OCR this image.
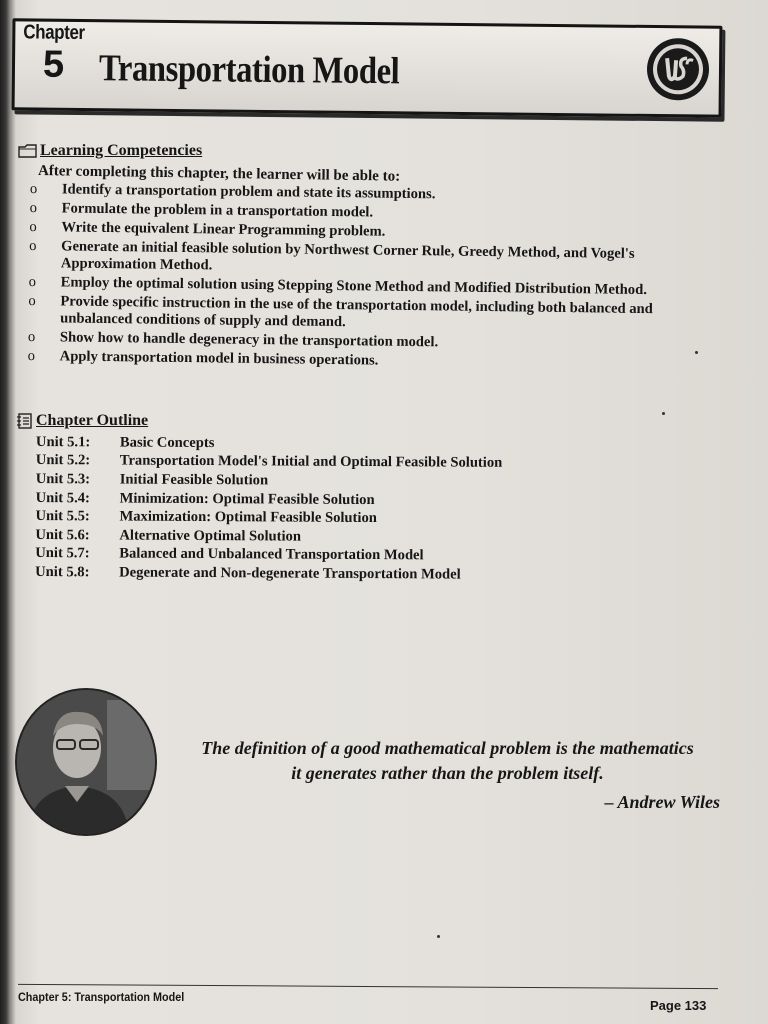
Chapter
5 Transportation Model
Learning Competencies
After completing this chapter, the learner will be able to:
o Identify a transportation problem and state its assumptions.
o Formulate the problem in a transportation model.
o Write the equivalent Linear Programming problem.
o Generate an initial feasible solution by Northwest Corner Rule, Greedy Method, and Vogel's Approximation Method.
o Employ the optimal solution using Stepping Stone Method and Modified Distribution Method.
o Provide specific instruction in the use of the transportation model, including both balanced and unbalanced conditions of supply and demand.
o Show how to handle degeneracy in the transportation model.
o Apply transportation model in business operations.
Chapter Outline
Unit 5.1:	Basic Concepts
Unit 5.2:	Transportation Model's Initial and Optimal Feasible Solution
Unit 5.3:	Initial Feasible Solution
Unit 5.4:	Minimization: Optimal Feasible Solution
Unit 5.5:	Maximization: Optimal Feasible Solution
Unit 5.6:	Alternative Optimal Solution
Unit 5.7:	Balanced and Unbalanced Transportation Model
Unit 5.8:	Degenerate and Non-degenerate Transportation Model
The definition of a good mathematical problem is the mathematics
it generates rather than the problem itself.
– Andrew Wiles
Chapter 5: Transportation Model
Page 133
